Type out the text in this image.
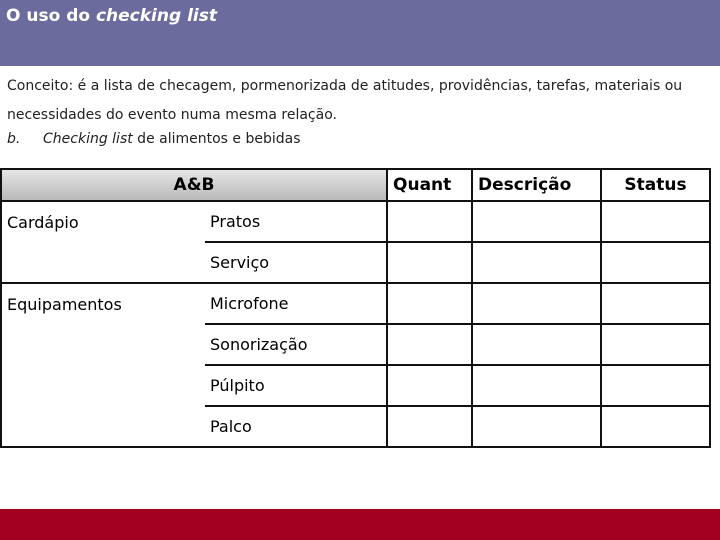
O uso do checking list
Conceito: é a lista de checagem, pormenorizada de atitudes, providências, tarefas, materiais ou necessidades do evento numa mesma relação.
b. Checking list de alimentos e bebidas
A&B		Quant	Descrição	Status
Cardápio	Pratos			
	Serviço			
Equipamentos	Microfone			
	Sonorização			
	Púlpito			
	Palco			
